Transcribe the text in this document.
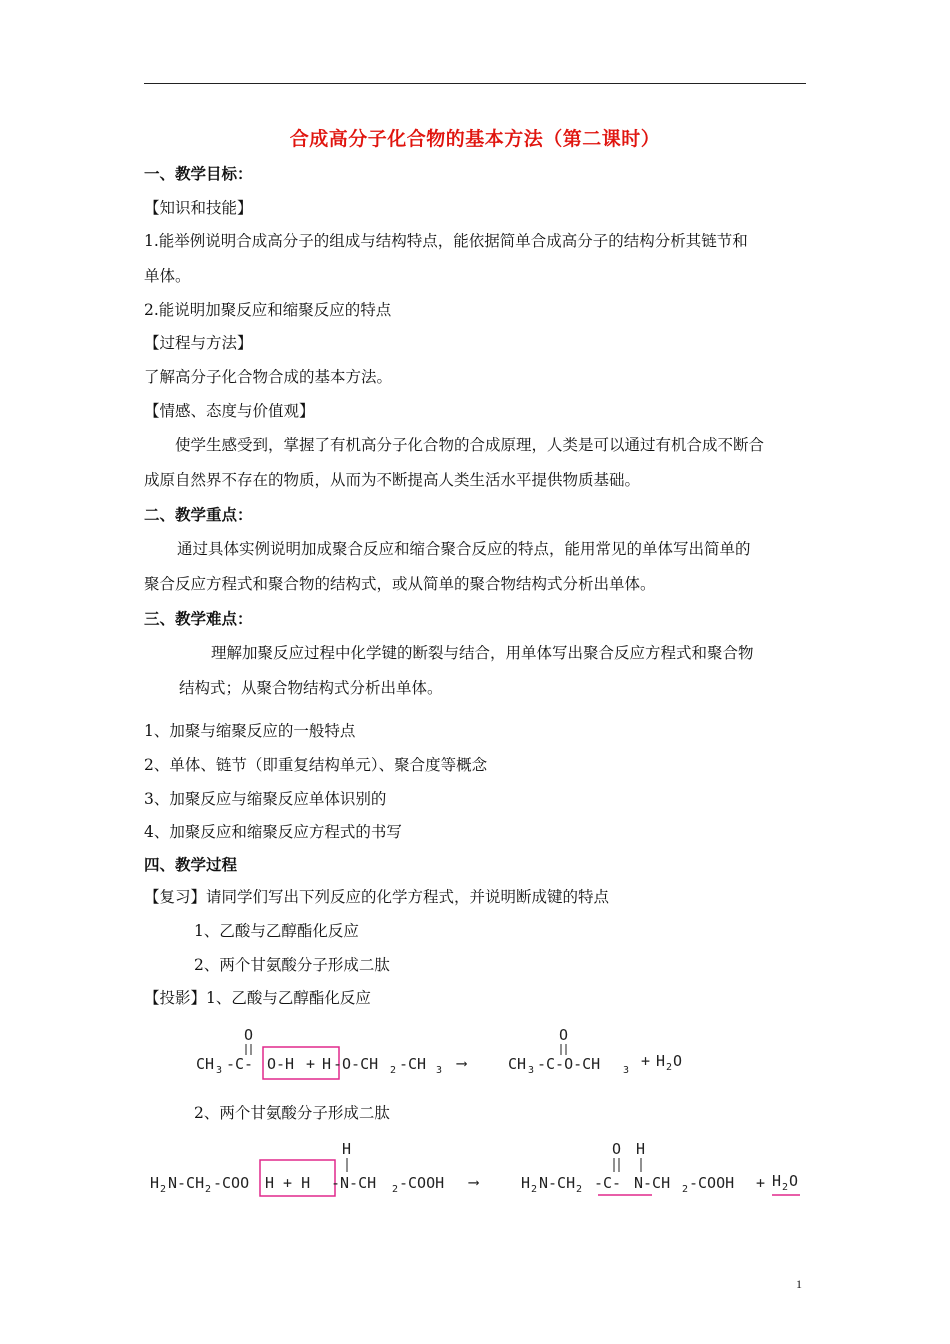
合成高分子化合物的基本方法（第二课时）
一、教学目标：
【知识和技能】
1.能举例说明合成高分子的组成与结构特点，能依据简单合成高分子的结构分析其链节和
单体。
2.能说明加聚反应和缩聚反应的特点
【过程与方法】
了解高分子化合物合成的基本方法。
【情感、态度与价值观】
使学生感受到，掌握了有机高分子化合物的合成原理，人类是可以通过有机合成不断合
成原自然界不存在的物质，从而为不断提高人类生活水平提供物质基础。
二、教学重点：
通过具体实例说明加成聚合反应和缩合聚合反应的特点，能用常见的单体写出简单的
聚合反应方程式和聚合物的结构式，或从简单的聚合物结构式分析出单体。
三、教学难点：
理解加聚反应过程中化学键的断裂与结合，用单体写出聚合反应方程式和聚合物
结构式；从聚合物结构式分析出单体。
1、加聚与缩聚反应的一般特点
2、单体、链节（即重复结构单元）、聚合度等概念
3、加聚反应与缩聚反应单体识别的
4、加聚反应和缩聚反应方程式的书写
四、教学过程
【复习】请同学们写出下列反应的化学方程式，并说明断成键的特点
1、乙酸与乙醇酯化反应
2、两个甘氨酸分子形成二肽
【投影】1、乙酸与乙醇酯化反应
CH 3 -C-
O
O-H + H -O-CH 2 -CH 3 ⟶	CH 3 -C-O-CH
O
3
+ H 2 O
2、两个甘氨酸分子形成二肽
H 2 N-CH 2 -COO H + H
H
-N-CH 2 -COOH ⟶	H 2 N-CH 2 -C-
O
N-CH
H
2 -COOH + H 2 O
1
